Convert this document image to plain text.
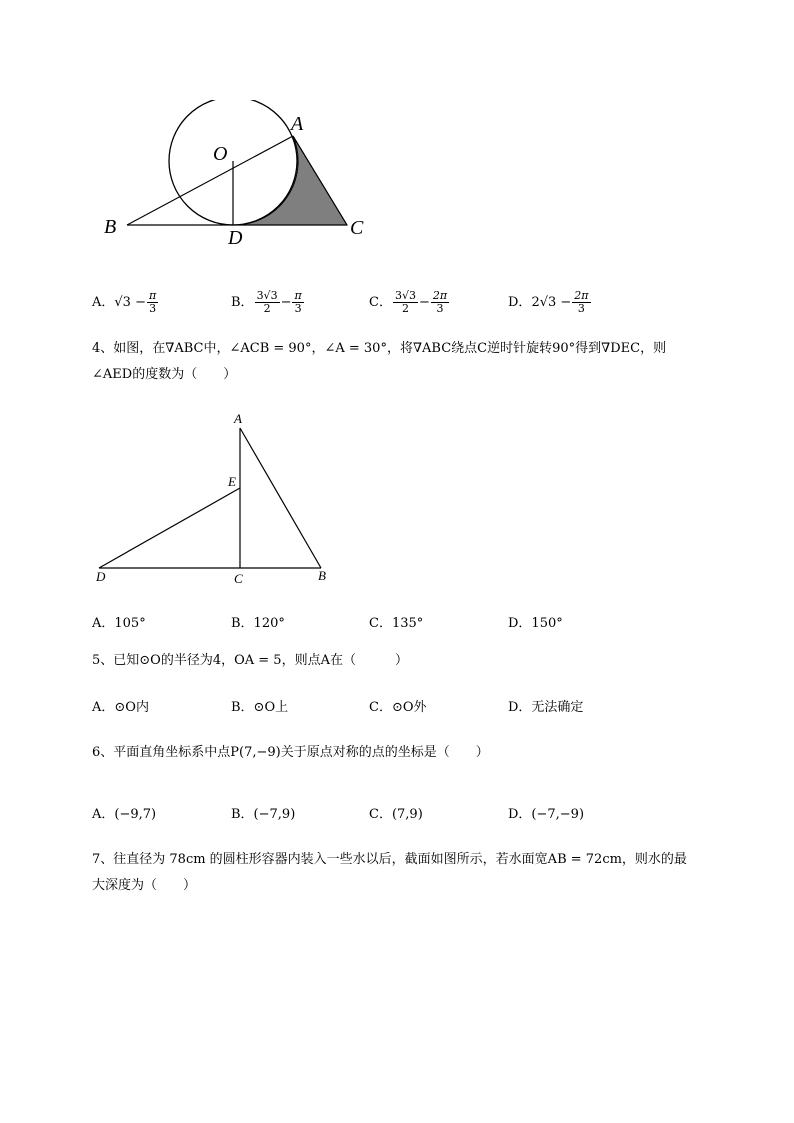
A
O
B	D	C
A．$√3 - \frac{\pi}{3}$	B． $\frac{3√3}{2} - \frac{\pi}{3}$	C． $\frac{3√3}{2} - \frac{2\pi}{3}$	D．$2√3 - \frac{2\pi}{3}$
4、如图，在∇ABC中，∠ACB = 90°，∠A = 30°，将∇ABC绕点C逆时针旋转90°得到∇DEC，则
∠AED的度数为（　　）
A
E
D	C	B
A．105°	B．120°	C．135°	D．150°
5、已知⊙O的半径为4，OA = 5，则点A在（　　　）
A．⊙O内	B．⊙O上	C．⊙O外	D．无法确定
6、平面直角坐标系中点P(7,−9)关于原点对称的点的坐标是（　　）
A．(−9,7)	B．(−7,9)	C．(7,9)	D．(−7,−9)
7、往直径为 78cm 的圆柱形容器内装入一些水以后，截面如图所示，若水面宽AB = 72cm，则水的最
大深度为（　　）
